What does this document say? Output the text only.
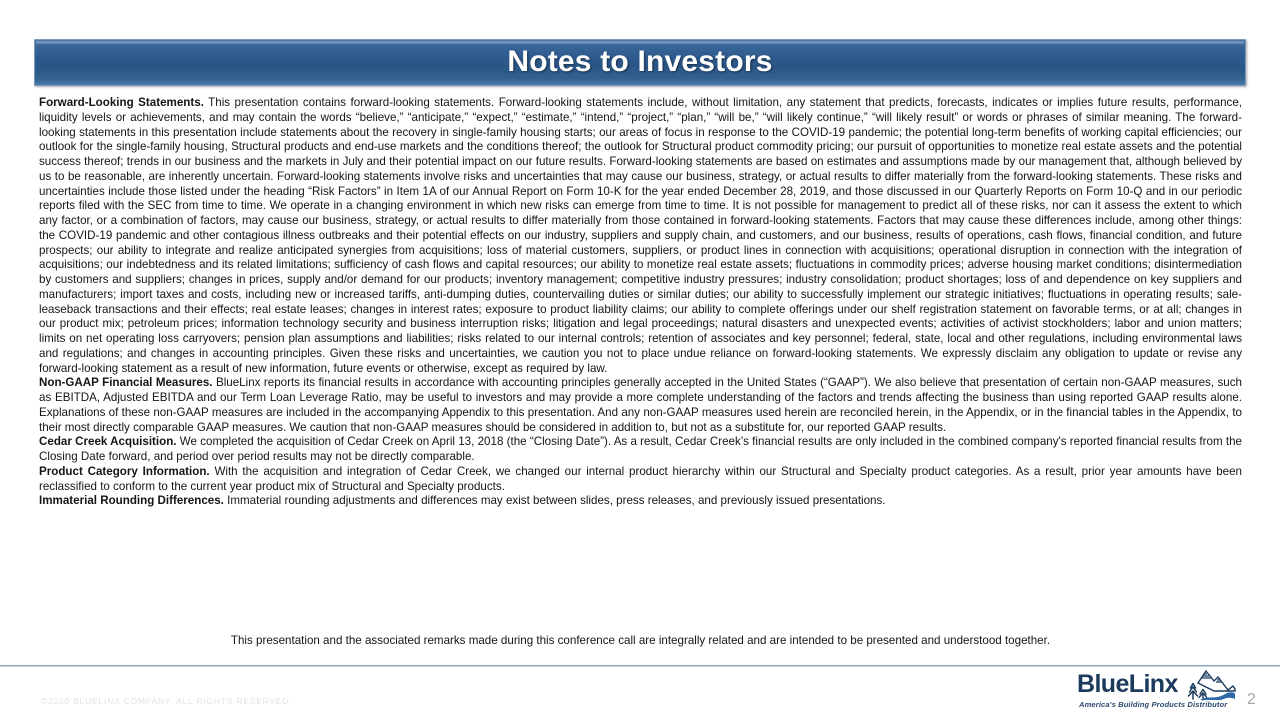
Notes to Investors

Forward-Looking Statements. This presentation contains forward-looking statements. Forward-looking statements include, without limitation, any statement that predicts, forecasts, indicates or implies future results, performance, liquidity levels or achievements, and may contain the words “believe,” “anticipate,” “expect,” “estimate,” “intend,” “project,” “plan,” “will be,” “will likely continue,” “will likely result” or words or phrases of similar meaning. The forward-looking statements in this presentation include statements about the recovery in single-family housing starts; our areas of focus in response to the COVID-19 pandemic; the potential long-term benefits of working capital efficiencies; our outlook for the single-family housing, Structural products and end-use markets and the conditions thereof; the outlook for Structural product commodity pricing; our pursuit of opportunities to monetize real estate assets and the potential success thereof; trends in our business and the markets in July and their potential impact on our future results. Forward-looking statements are based on estimates and assumptions made by our management that, although believed by us to be reasonable, are inherently uncertain. Forward-looking statements involve risks and uncertainties that may cause our business, strategy, or actual results to differ materially from the forward-looking statements. These risks and uncertainties include those listed under the heading “Risk Factors” in Item 1A of our Annual Report on Form 10-K for the year ended December 28, 2019, and those discussed in our Quarterly Reports on Form 10-Q and in our periodic reports filed with the SEC from time to time. We operate in a changing environment in which new risks can emerge from time to time. It is not possible for management to predict all of these risks, nor can it assess the extent to which any factor, or a combination of factors, may cause our business, strategy, or actual results to differ materially from those contained in forward-looking statements. Factors that may cause these differences include, among other things: the COVID-19 pandemic and other contagious illness outbreaks and their potential effects on our industry, suppliers and supply chain, and customers, and our business, results of operations, cash flows, financial condition, and future prospects; our ability to integrate and realize anticipated synergies from acquisitions; loss of material customers, suppliers, or product lines in connection with acquisitions; operational disruption in connection with the integration of acquisitions; our indebtedness and its related limitations; sufficiency of cash flows and capital resources; our ability to monetize real estate assets; fluctuations in commodity prices; adverse housing market conditions; disintermediation by customers and suppliers; changes in prices, supply and/or demand for our products; inventory management; competitive industry pressures; industry consolidation; product shortages; loss of and dependence on key suppliers and manufacturers; import taxes and costs, including new or increased tariffs, anti-dumping duties, countervailing duties or similar duties; our ability to successfully implement our strategic initiatives; fluctuations in operating results; sale-leaseback transactions and their effects; real estate leases; changes in interest rates; exposure to product liability claims; our ability to complete offerings under our shelf registration statement on favorable terms, or at all; changes in our product mix; petroleum prices; information technology security and business interruption risks; litigation and legal proceedings; natural disasters and unexpected events; activities of activist stockholders; labor and union matters; limits on net operating loss carryovers; pension plan assumptions and liabilities; risks related to our internal controls; retention of associates and key personnel; federal, state, local and other regulations, including environmental laws and regulations; and changes in accounting principles. Given these risks and uncertainties, we caution you not to place undue reliance on forward-looking statements. We expressly disclaim any obligation to update or revise any forward-looking statement as a result of new information, future events or otherwise, except as required by law.

Non-GAAP Financial Measures. BlueLinx reports its financial results in accordance with accounting principles generally accepted in the United States (“GAAP”). We also believe that presentation of certain non-GAAP measures, such as EBITDA, Adjusted EBITDA and our Term Loan Leverage Ratio, may be useful to investors and may provide a more complete understanding of the factors and trends affecting the business than using reported GAAP results alone. Explanations of these non-GAAP measures are included in the accompanying Appendix to this presentation. And any non-GAAP measures used herein are reconciled herein, in the Appendix, or in the financial tables in the Appendix, to their most directly comparable GAAP measures. We caution that non-GAAP measures should be considered in addition to, but not as a substitute for, our reported GAAP results.

Cedar Creek Acquisition. We completed the acquisition of Cedar Creek on April 13, 2018 (the “Closing Date”). As a result, Cedar Creek’s financial results are only included in the combined company's reported financial results from the Closing Date forward, and period over period results may not be directly comparable.

Product Category Information. With the acquisition and integration of Cedar Creek, we changed our internal product hierarchy within our Structural and Specialty product categories. As a result, prior year amounts have been reclassified to conform to the current year product mix of Structural and Specialty products.

Immaterial Rounding Differences. Immaterial rounding adjustments and differences may exist between slides, press releases, and previously issued presentations.

This presentation and the associated remarks made during this conference call are integrally related and are intended to be presented and understood together.
©2020 BLUELINX COMPANY. ALL RIGHTS RESERVED.	2
BlueLinx
America's Building Products Distributor
